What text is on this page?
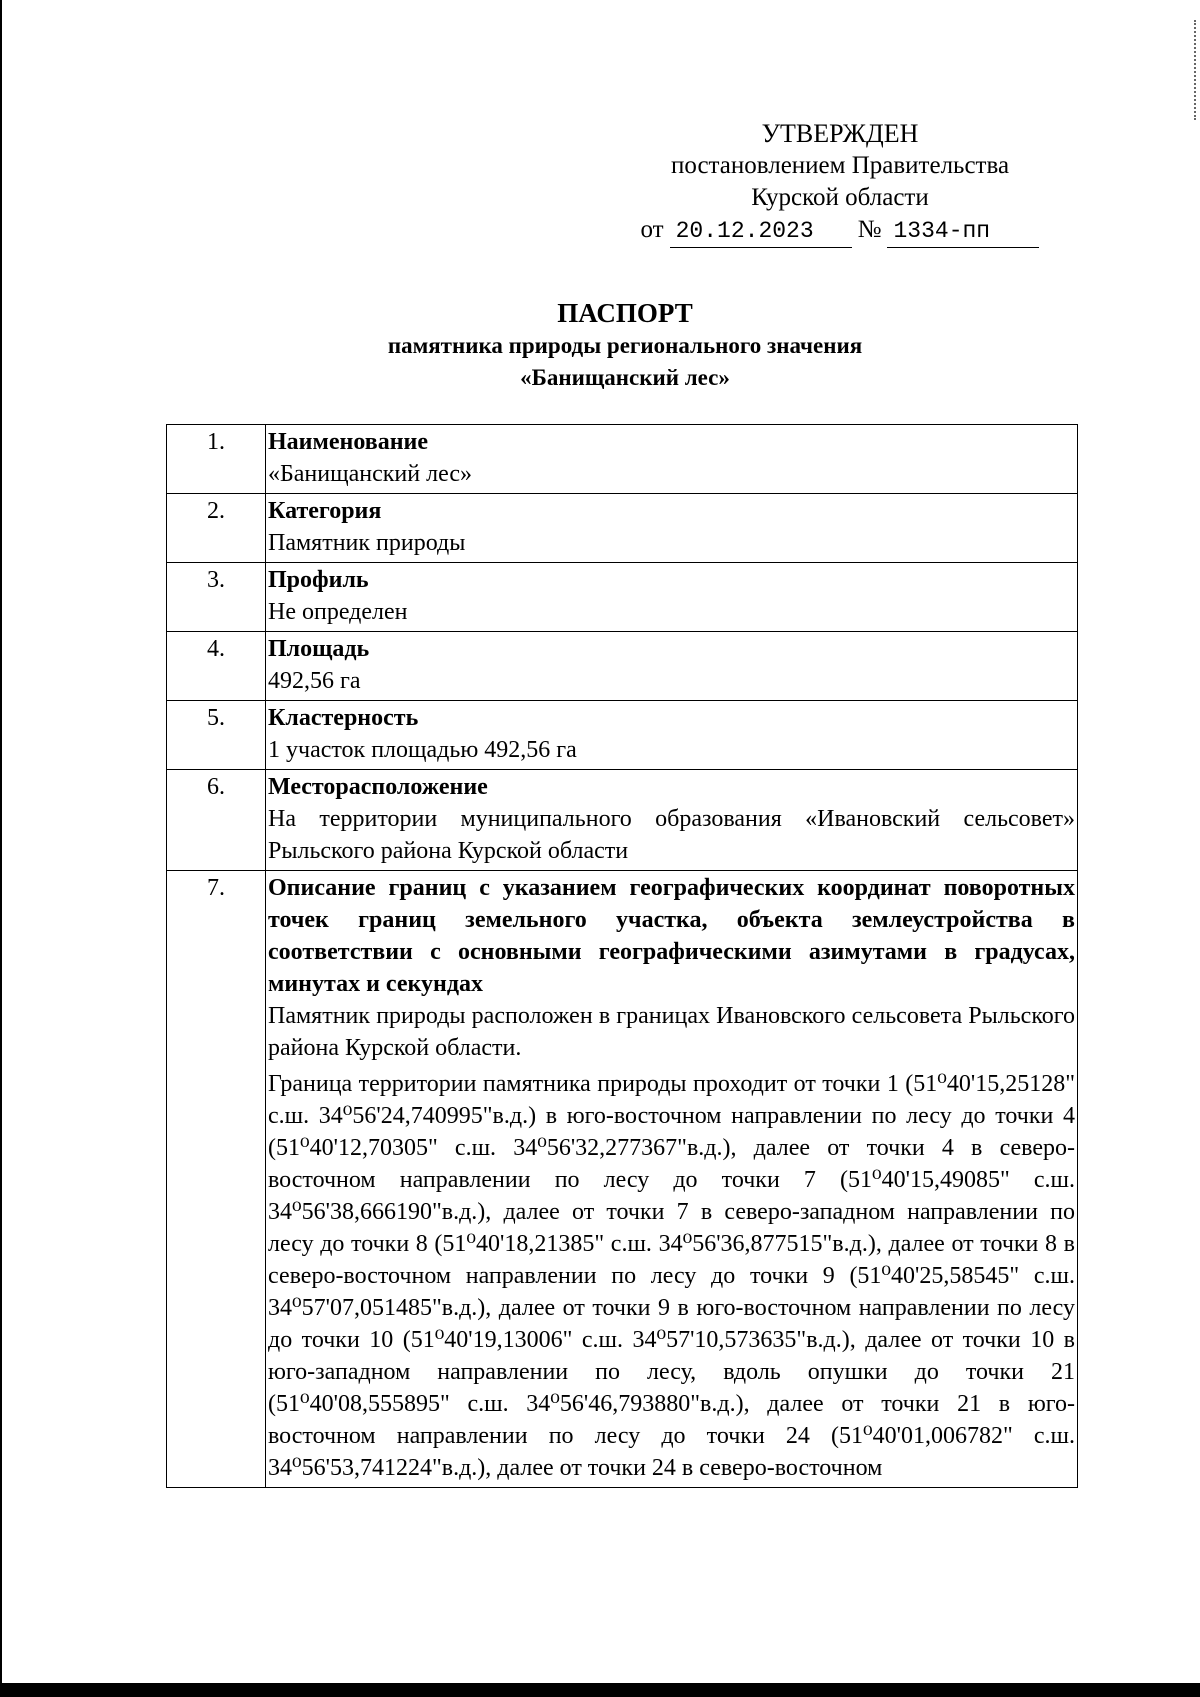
УТВЕРЖДЕН
постановлением Правительства
Курской области
от 20.12.2023	№ 1334-пп
ПАСПОРТ
памятника природы регионального значения
«Банищанский лес»
1.	Наименование
«Банищанский лес»

2.	Категория
Памятник природы

3.	Профиль
Не определен

4.	Площадь
492,56 га

5.	Кластерность
1 участок площадью 492,56 га

6.	Месторасположение
На территории муниципального образования «Ивановский сельсовет» Рыльского района Курской области

7.	Описание границ с указанием географических координат поворотных точек границ земельного участка, объекта землеустройства в соответствии с основными географическими азимутами в градусах, минутах и секундах
Памятник природы расположен в границах Ивановского сельсовета Рыльского района Курской области.
Граница территории памятника природы проходит от точки 1 (51⁰40'15,25128" с.ш. 34⁰56'24,740995"в.д.) в юго-восточном направлении по лесу до точки 4 (51⁰40'12,70305" с.ш. 34⁰56'32,277367"в.д.), далее от точки 4 в северо-восточном направлении по лесу до точки 7 (51⁰40'15,49085" с.ш. 34⁰56'38,666190"в.д.), далее от точки 7 в северо-западном направлении по лесу до точки 8 (51⁰40'18,21385" с.ш. 34⁰56'36,877515"в.д.), далее от точки 8 в северо-восточном направлении по лесу до точки 9 (51⁰40'25,58545" с.ш. 34⁰57'07,051485"в.д.), далее от точки 9 в юго-восточном направлении по лесу до точки 10 (51⁰40'19,13006" с.ш. 34⁰57'10,573635"в.д.), далее от точки 10 в юго-западном направлении по лесу, вдоль опушки до точки 21 (51⁰40'08,555895" с.ш. 34⁰56'46,793880"в.д.), далее от точки 21 в юго-восточном направлении по лесу до точки 24 (51⁰40'01,006782" с.ш. 34⁰56'53,741224"в.д.), далее от точки 24 в северо-восточном
